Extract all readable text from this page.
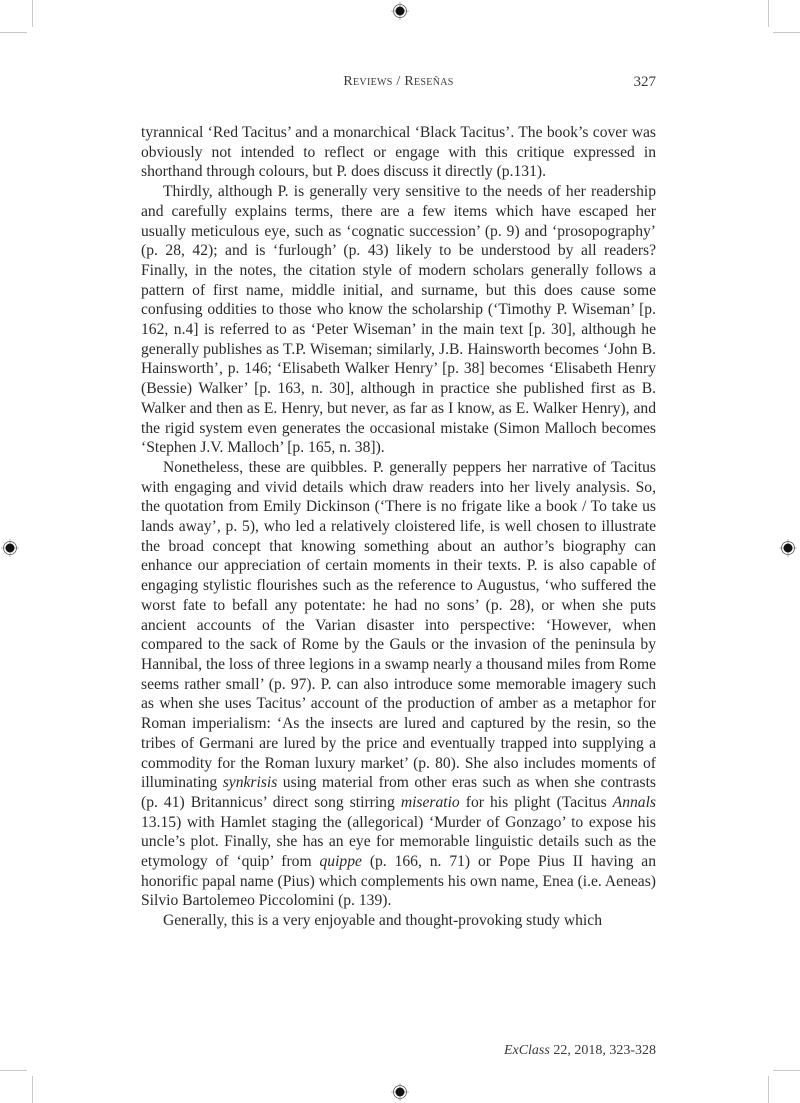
Reviews / Reseñas	327

tyrannical ‘Red Tacitus’ and a monarchical ‘Black Tacitus’. The book’s cover was obviously not intended to reflect or engage with this critique expressed in shorthand through colours, but P. does discuss it directly (p.131).

Thirdly, although P. is generally very sensitive to the needs of her readership and carefully explains terms, there are a few items which have escaped her usually meticulous eye, such as ‘cognatic succession’ (p. 9) and ‘prosopography’ (p. 28, 42); and is ‘furlough’ (p. 43) likely to be understood by all readers? Finally, in the notes, the citation style of modern scholars generally follows a pattern of first name, middle initial, and surname, but this does cause some confusing oddities to those who know the scholarship (‘Timothy P. Wiseman’ [p. 162, n.4] is referred to as ‘Peter Wiseman’ in the main text [p. 30], although he generally publishes as T.P. Wiseman; similarly, J.B. Hainsworth becomes ‘John B. Hainsworth’, p. 146; ‘Elisabeth Walker Henry’ [p. 38] becomes ‘Elisabeth Henry (Bessie) Walker’ [p. 163, n. 30], although in practice she published first as B. Walker and then as E. Henry, but never, as far as I know, as E. Walker Henry), and the rigid system even generates the occasional mistake (Simon Malloch becomes ‘Stephen J.V. Malloch’ [p. 165, n. 38]).

Nonetheless, these are quibbles. P. generally peppers her narrative of Tacitus with engaging and vivid details which draw readers into her lively analysis. So, the quotation from Emily Dickinson (‘There is no frigate like a book / To take us lands away’, p. 5), who led a relatively cloistered life, is well chosen to illustrate the broad concept that knowing something about an author’s biography can enhance our appreciation of certain moments in their texts. P. is also capable of engaging stylistic flourishes such as the reference to Augustus, ‘who suffered the worst fate to befall any potentate: he had no sons’ (p. 28), or when she puts ancient accounts of the Varian disaster into perspective: ‘However, when compared to the sack of Rome by the Gauls or the invasion of the peninsula by Hannibal, the loss of three legions in a swamp nearly a thousand miles from Rome seems rather small’ (p. 97). P. can also introduce some memorable imagery such as when she uses Tacitus’ account of the production of amber as a metaphor for Roman imperialism: ‘As the insects are lured and captured by the resin, so the tribes of Germani are lured by the price and eventually trapped into supplying a commodity for the Roman luxury market’ (p. 80). She also includes moments of illuminating synkrisis using material from other eras such as when she contrasts (p. 41) Britannicus’ direct song stirring miseratio for his plight (Tacitus Annals 13.15) with Hamlet staging the (allegorical) ‘Murder of Gonzago’ to expose his uncle’s plot. Finally, she has an eye for memorable linguistic details such as the etymology of ‘quip’ from quippe (p. 166, n. 71) or Pope Pius II having an honorific papal name (Pius) which complements his own name, Enea (i.e. Aeneas) Silvio Bartolemeo Piccolomini (p. 139).

Generally, this is a very enjoyable and thought-provoking study which

ExClass 22, 2018, 323-328
